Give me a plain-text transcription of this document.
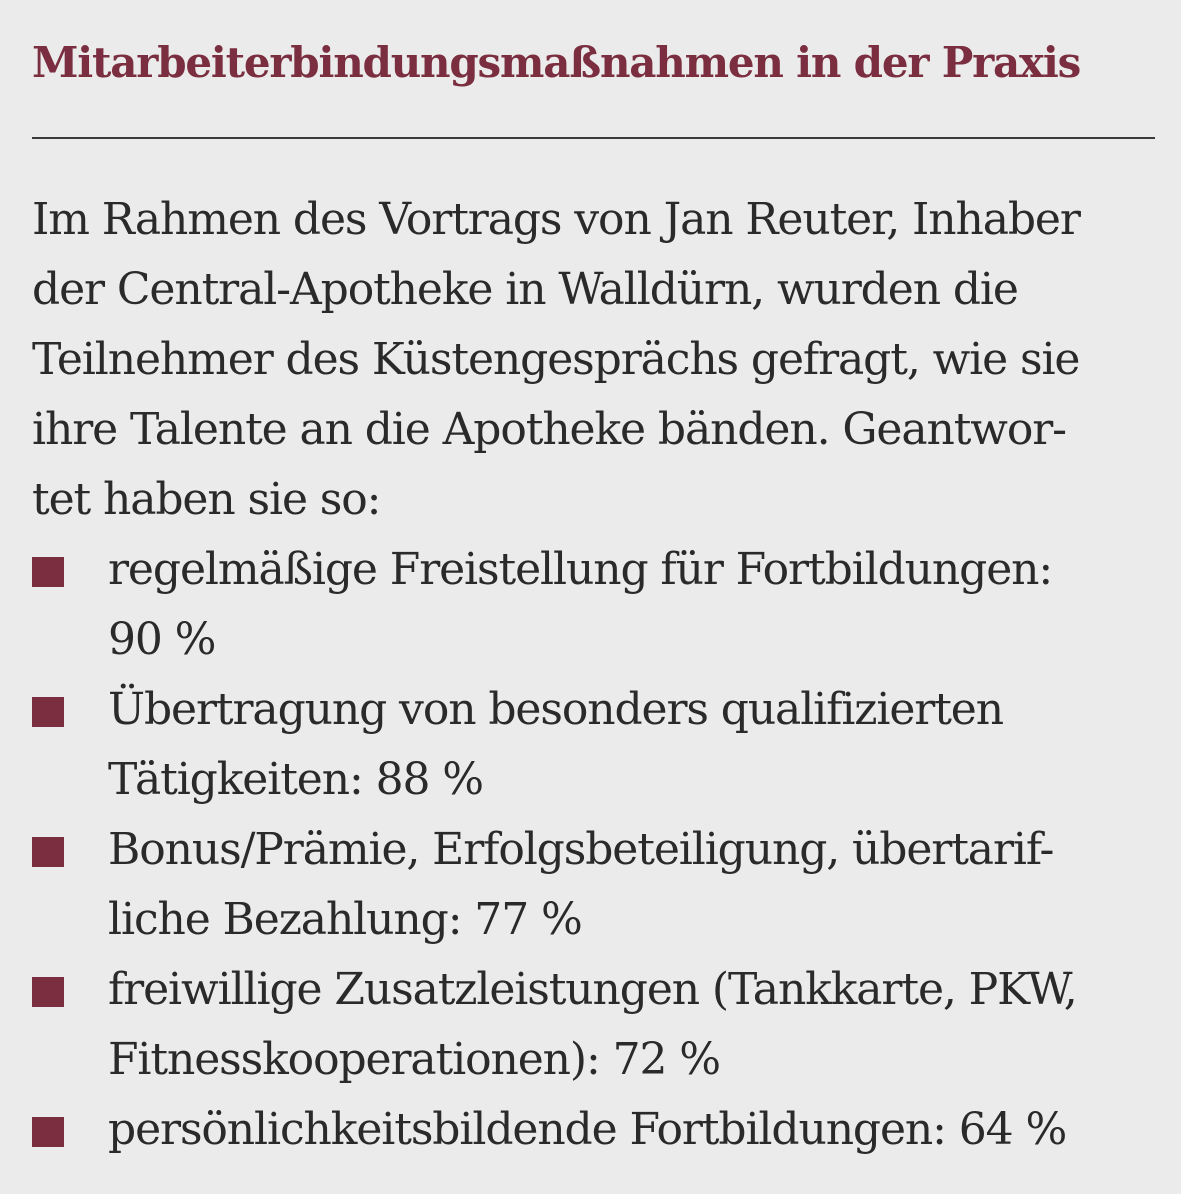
Mitarbeiterbindungsmaßnahmen in der Praxis

Im Rahmen des Vortrags von Jan Reuter, Inhaber
der Central-Apotheke in Walldürn, wurden die
Teilnehmer des Küstengesprächs gefragt, wie sie
ihre Talente an die Apotheke bänden. Geantwor-
tet haben sie so:

regelmäßige Freistellung für Fortbildungen:
90 %
Übertragung von besonders qualifizierten
Tätigkeiten: 88 %
Bonus/Prämie, Erfolgsbeteiligung, übertarif-
liche Bezahlung: 77 %
freiwillige Zusatzleistungen (Tankkarte, PKW,
Fitnesskooperationen): 72 %
persönlichkeitsbildende Fortbildungen: 64 %
